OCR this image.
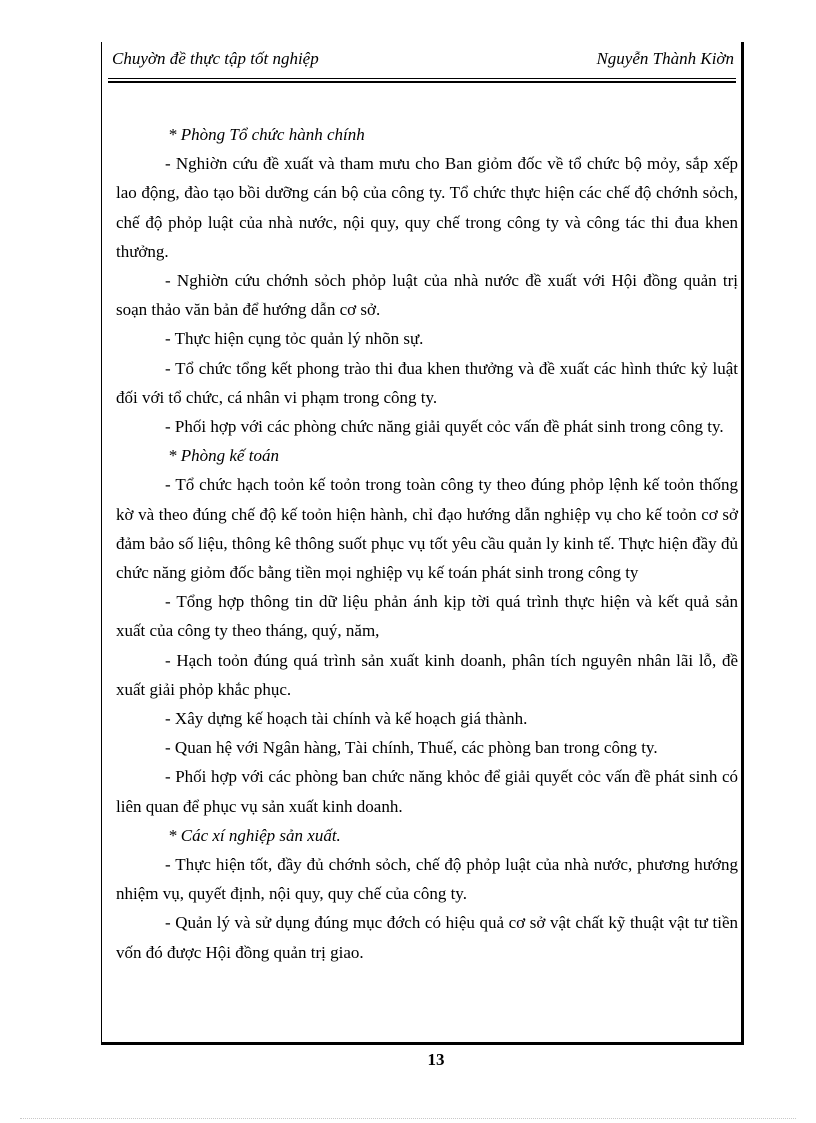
Chuyờn đề thực tập tốt nghiệp	Nguyễn Thành Kiờn

* Phòng Tổ chức hành chính

- Nghiờn cứu đề xuất và tham mưu cho Ban giỏm đốc về tổ chức bộ mỏy, sắp xếp lao động, đào tạo bồi dưỡng cán bộ của công ty. Tổ chức thực hiện các chế độ chớnh sỏch, chế độ phỏp luật của nhà nước, nội quy, quy chế trong công ty và công tác thi đua khen thưởng.

- Nghiờn cứu chớnh sỏch phỏp luật của nhà nước đề xuất với Hội đồng quản trị soạn thảo văn bản để hướng dẫn cơ sở.

- Thực hiện cụng tỏc quản lý nhõn sự.

- Tổ chức tổng kết phong trào thi đua khen thưởng và đề xuất các hình thức kỷ luật đối với tổ chức, cá nhân vi phạm trong công ty.

- Phối hợp với các phòng chức năng giải quyết cỏc vấn đề phát sinh trong công ty.

* Phòng kế toán

- Tổ chức hạch toỏn kế toỏn trong toàn công ty theo đúng phỏp lệnh kế toỏn thống kờ và theo đúng chế độ kế toỏn hiện hành, chỉ đạo hướng dẫn nghiệp vụ cho kế toỏn cơ sở đảm bảo số liệu, thông kê thông suốt phục vụ tốt yêu cầu quản ly kinh tế. Thực hiện đầy đủ chức năng giỏm đốc bằng tiền mọi nghiệp vụ kế toán phát sinh trong công ty

- Tổng hợp thông tin dữ liệu phản ánh kịp tời quá trình thực hiện và kết quả sản xuất của công ty theo tháng, quý, năm,

- Hạch toỏn đúng quá trình sản xuất kinh doanh, phân tích nguyên nhân lãi lỗ, đề xuất giải phỏp khắc phục.

- Xây dựng kế hoạch tài chính và kế hoạch giá thành.

- Quan hệ với Ngân hàng, Tài chính, Thuế, các phòng ban trong công ty.

- Phối hợp với các phòng ban chức năng khỏc để giải quyết cỏc vấn đề phát sinh có liên quan để phục vụ sản xuất kinh doanh.

* Các xí nghiệp sản xuất.

- Thực hiện tốt, đầy đủ chớnh sỏch, chế độ phỏp luật của nhà nước, phương hướng nhiệm vụ, quyết định, nội quy, quy chế của công ty.

- Quản lý và sử dụng đúng mục đớch có hiệu quả cơ sở vật chất kỹ thuật vật tư tiền vốn đó được Hội đồng quản trị giao.

13
